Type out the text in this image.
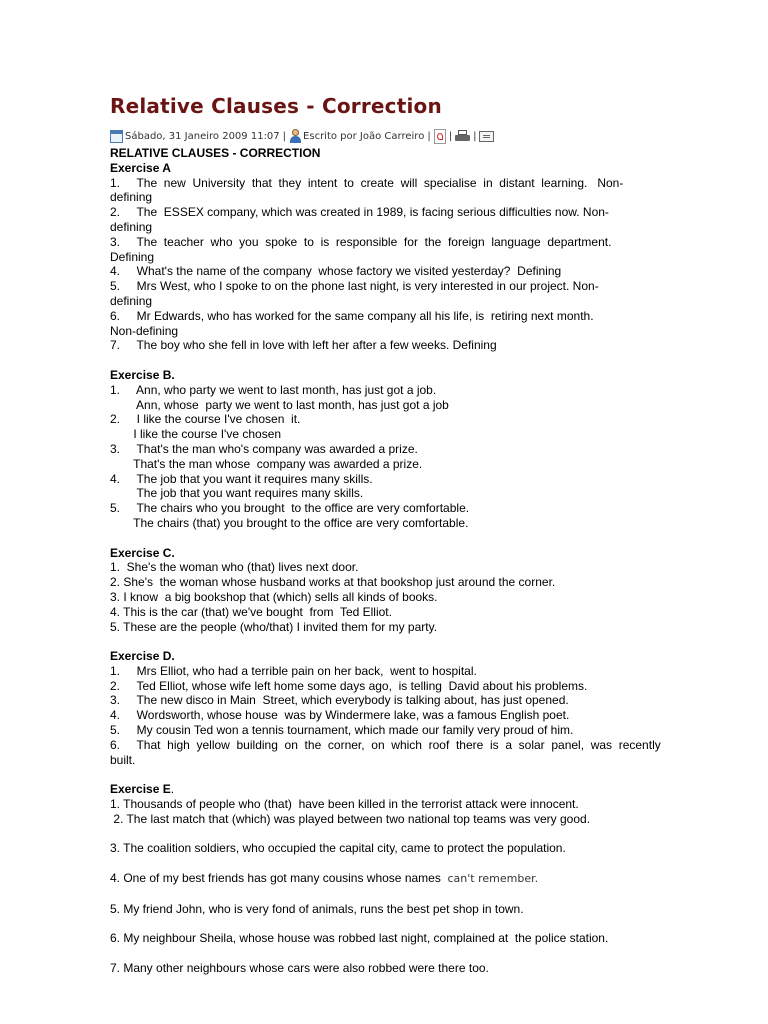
Relative Clauses - Correction
Sábado, 31 Janeiro 2009 11:07 | Escrito por João Carreiro | | |

RELATIVE CLAUSES - CORRECTION

Exercise A

1.     The  new  University  that  they  intent  to  create  will  specialise  in  distant  learning.   Non-

defining

2.     The  ESSEX company, which was created in 1989, is facing serious difficulties now. Non-

defining

3.     The  teacher  who  you  spoke  to  is  responsible  for  the  foreign  language  department.

Defining

4.     What's the name of the company  whose factory we visited yesterday?  Defining

5.     Mrs West, who I spoke to on the phone last night, is very interested in our project. Non-

defining

6.     Mr Edwards, who has worked for the same company all his life, is  retiring next month.

Non-defining

7.     The boy who she fell in love with left her after a few weeks. Defining

Exercise B.

1.     Ann, who party we went to last month, has just got a job.

Ann, whose  party we went to last month, has just got a job

2.     I like the course I've chosen  it.

I like the course I've chosen

3.     That's the man who's company was awarded a prize.

That's the man whose  company was awarded a prize.

4.     The job that you want it requires many skills.

The job that you want requires many skills.

5.     The chairs who you brought  to the office are very comfortable.

The chairs (that) you brought to the office are very comfortable.

Exercise C.

1.  She's the woman who (that) lives next door.

2. She's  the woman whose husband works at that bookshop just around the corner.

3. I know  a big bookshop that (which) sells all kinds of books.

4. This is the car (that) we've bought  from  Ted Elliot.

5. These are the people (who/that) I invited them for my party.

Exercise D.

1.     Mrs Elliot, who had a terrible pain on her back,  went to hospital.

2.     Ted Elliot, whose wife left home some days ago,  is telling  David about his problems.

3.     The new disco in Main  Street, which everybody is talking about, has just opened.

4.     Wordsworth, whose house  was by Windermere lake, was a famous English poet.

5.     My cousin Ted won a tennis tournament, which made our family very proud of him.

6.     That  high  yellow  building  on  the  corner,  on  which  roof  there  is  a  solar  panel,  was  recently

built.

Exercise E.

1. Thousands of people who (that)  have been killed in the terrorist attack were innocent.

2. The last match that (which) was played between two national top teams was very good.

3. The coalition soldiers, who occupied the capital city, came to protect the population.

4. One of my best friends has got many cousins whose names  can't remember.

5. My friend John, who is very fond of animals, runs the best pet shop in town.

6. My neighbour Sheila, whose house was robbed last night, complained at  the police station.

7. Many other neighbours whose cars were also robbed were there too.
